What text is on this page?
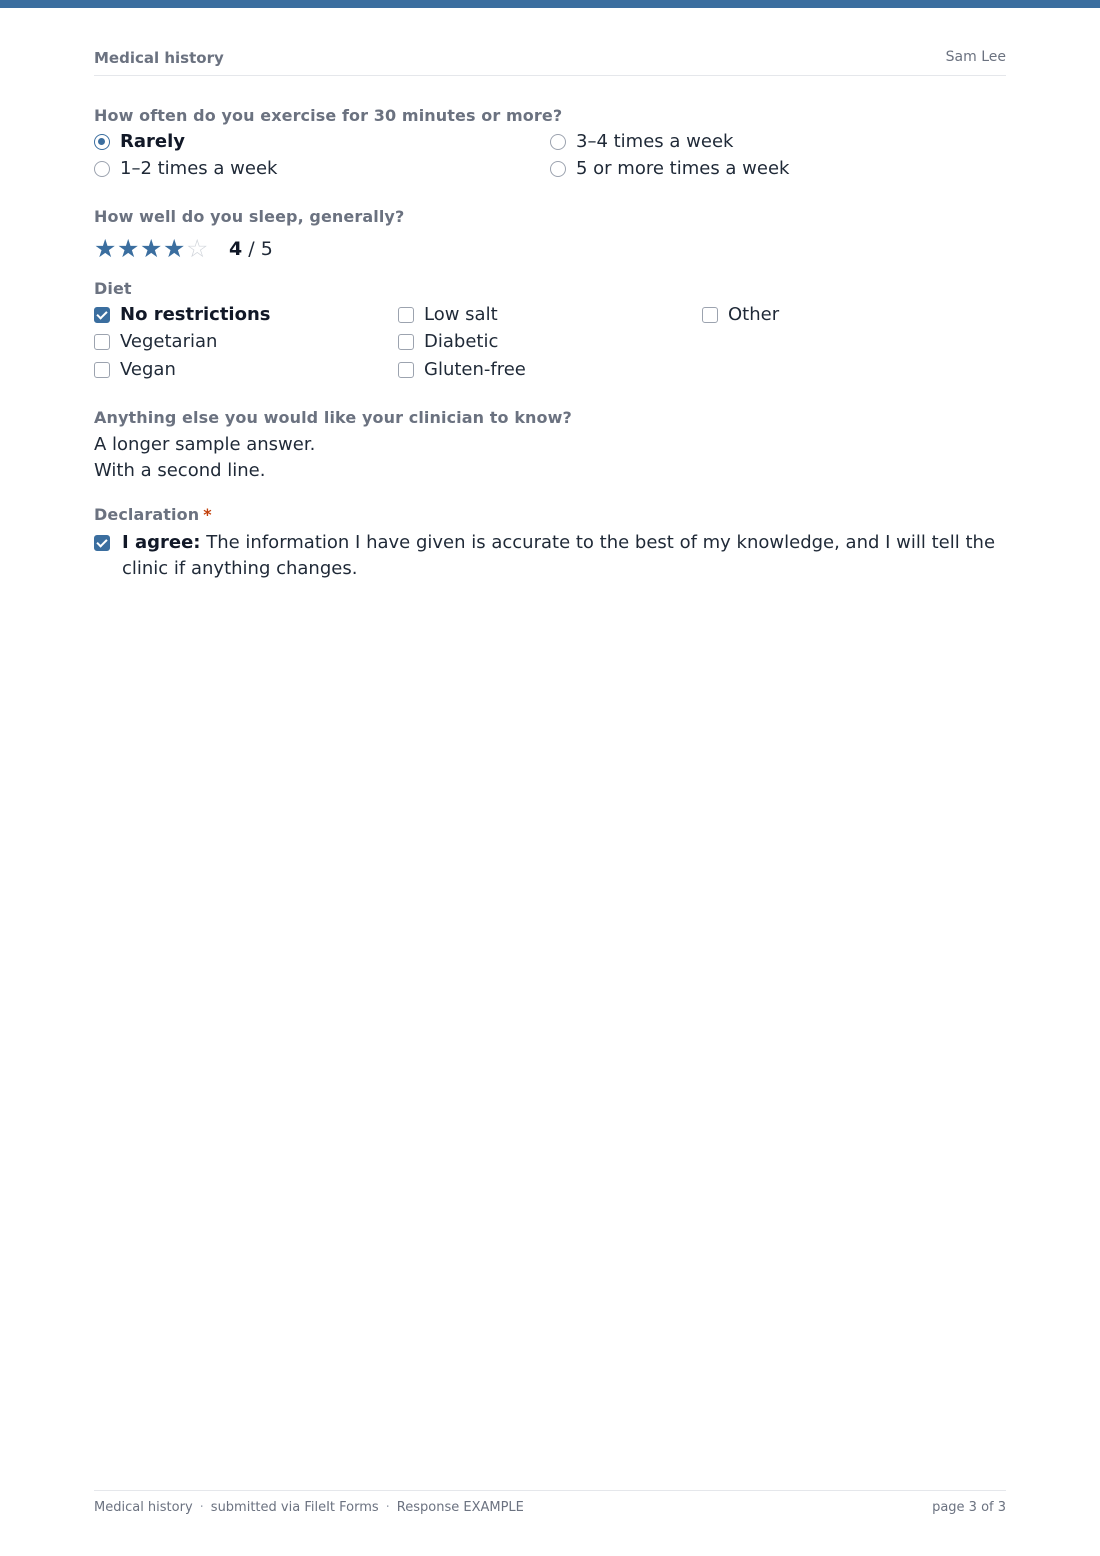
Medical history	Sam Lee
How often do you exercise for 30 minutes or more?
Rarely	3–4 times a week
1–2 times a week	5 or more times a week
How well do you sleep, generally?
★ ★ ★ ★ ☆ 4 / 5
Diet
No restrictions	Low salt	Other
Vegetarian	Diabetic
Vegan	Gluten-free
Anything else you would like your clinician to know?
A longer sample answer.
With a second line.
Declaration *
I agree: The information I have given is accurate to the best of my knowledge, and I will tell the clinic if anything changes.
Medical history · submitted via FileIt Forms · Response EXAMPLE	page 3 of 3
